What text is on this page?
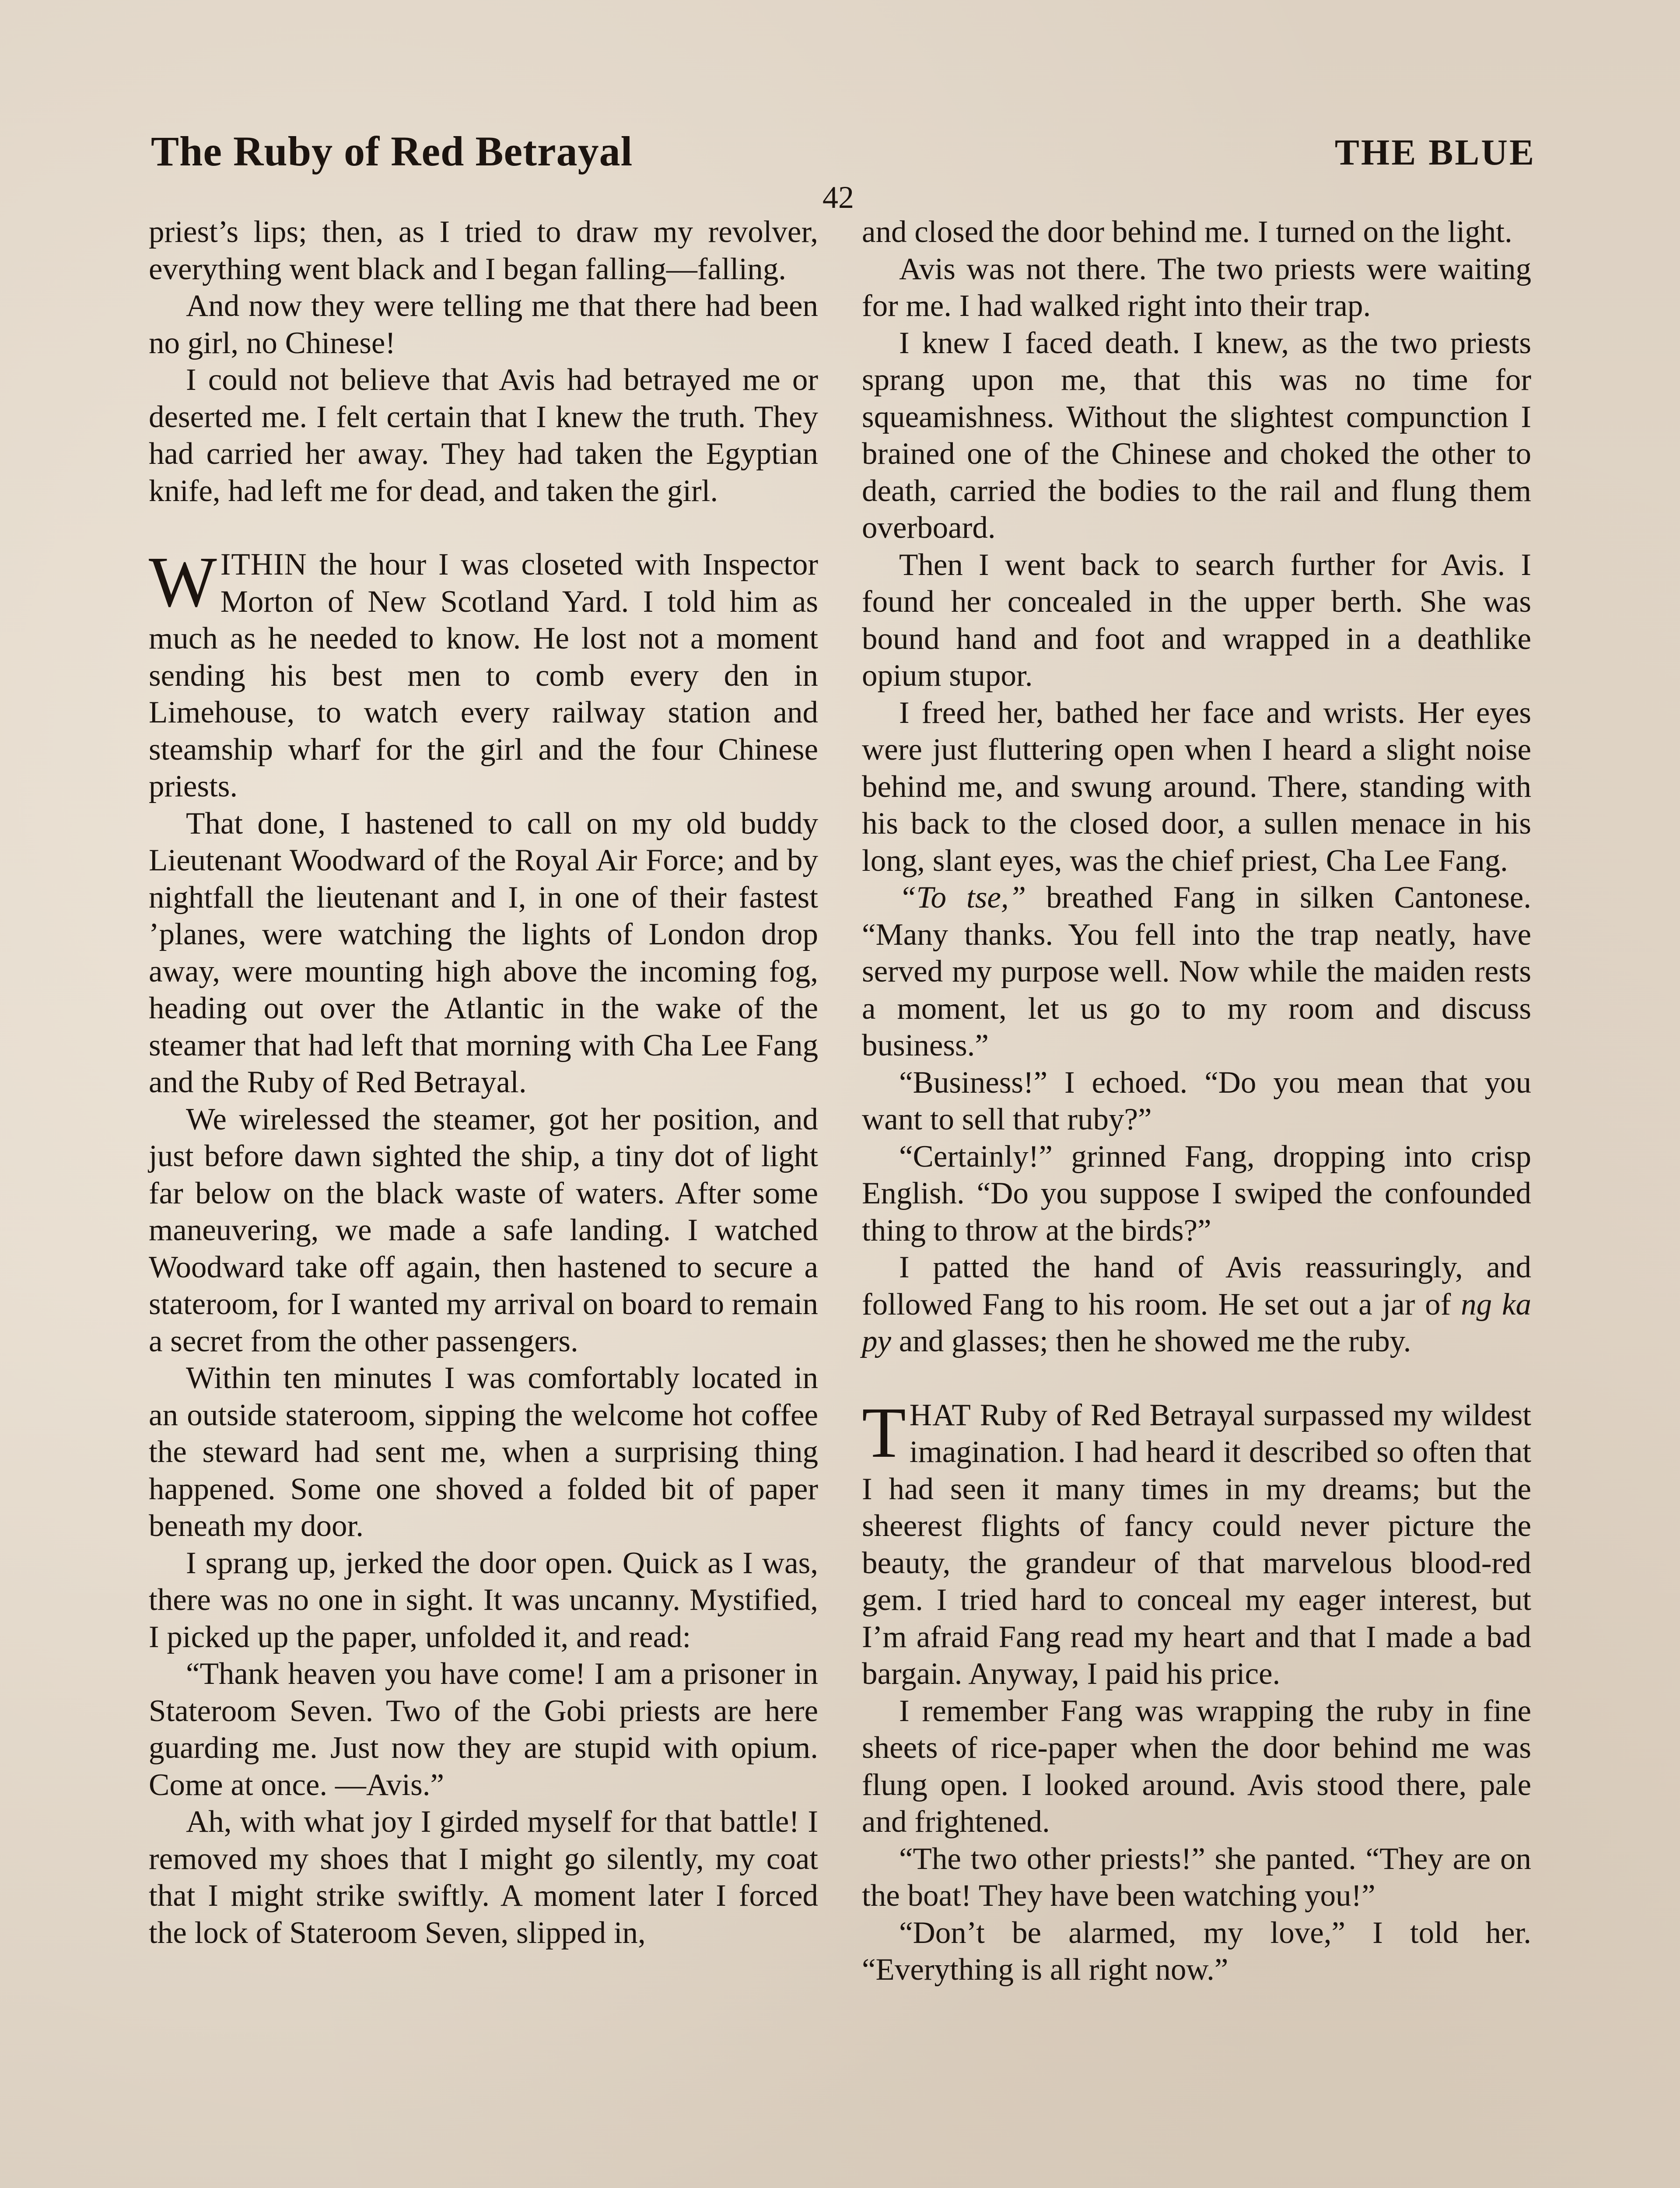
The Ruby of Red Betrayal	THE BLUE
42

priest’s lips; then, as I tried to draw my revolver, everything went black and I began falling—falling.

And now they were telling me that there had been no girl, no Chinese!

I could not believe that Avis had betrayed me or deserted me. I felt certain that I knew the truth. They had carried her away. They had taken the Egyptian knife, had left me for dead, and taken the girl.

WITHIN the hour I was closeted with Inspector Morton of New Scotland Yard. I told him as much as he needed to know. He lost not a moment sending his best men to comb every den in Limehouse, to watch every railway station and steamship wharf for the girl and the four Chinese priests.

That done, I hastened to call on my old buddy Lieutenant Woodward of the Royal Air Force; and by nightfall the lieutenant and I, in one of their fastest ’planes, were watching the lights of London drop away, were mounting high above the incoming fog, heading out over the Atlantic in the wake of the steamer that had left that morning with Cha Lee Fang and the Ruby of Red Betrayal.

We wirelessed the steamer, got her position, and just before dawn sighted the ship, a tiny dot of light far below on the black waste of waters. After some maneuvering, we made a safe landing. I watched Woodward take off again, then hastened to secure a stateroom, for I wanted my arrival on board to remain a secret from the other passengers.

Within ten minutes I was comfortably located in an outside stateroom, sipping the welcome hot coffee the steward had sent me, when a surprising thing happened. Some one shoved a folded bit of paper beneath my door.

I sprang up, jerked the door open. Quick as I was, there was no one in sight. It was uncanny. Mystified, I picked up the paper, unfolded it, and read:

“Thank heaven you have come! I am a prisoner in Stateroom Seven. Two of the Gobi priests are here guarding me. Just now they are stupid with opium. Come at once. —Avis.”

Ah, with what joy I girded myself for that battle! I removed my shoes that I might go silently, my coat that I might strike swiftly. A moment later I forced the lock of Stateroom Seven, slipped in,

and closed the door behind me. I turned on the light.

Avis was not there. The two priests were waiting for me. I had walked right into their trap.

I knew I faced death. I knew, as the two priests sprang upon me, that this was no time for squeamishness. Without the slightest compunction I brained one of the Chinese and choked the other to death, carried the bodies to the rail and flung them overboard.

Then I went back to search further for Avis. I found her concealed in the upper berth. She was bound hand and foot and wrapped in a deathlike opium stupor.

I freed her, bathed her face and wrists. Her eyes were just fluttering open when I heard a slight noise behind me, and swung around. There, standing with his back to the closed door, a sullen menace in his long, slant eyes, was the chief priest, Cha Lee Fang.

“To tse,” breathed Fang in silken Cantonese. “Many thanks. You fell into the trap neatly, have served my purpose well. Now while the maiden rests a moment, let us go to my room and discuss business.”

“Business!” I echoed. “Do you mean that you want to sell that ruby?”

“Certainly!” grinned Fang, dropping into crisp English. “Do you suppose I swiped the confounded thing to throw at the birds?”

I patted the hand of Avis reassuringly, and followed Fang to his room. He set out a jar of ng ka py and glasses; then he showed me the ruby.

THAT Ruby of Red Betrayal surpassed my wildest imagination. I had heard it described so often that I had seen it many times in my dreams; but the sheerest flights of fancy could never picture the beauty, the grandeur of that marvelous blood-red gem. I tried hard to conceal my eager interest, but I’m afraid Fang read my heart and that I made a bad bargain. Anyway, I paid his price.

I remember Fang was wrapping the ruby in fine sheets of rice-paper when the door behind me was flung open. I looked around. Avis stood there, pale and frightened.

“The two other priests!” she panted. “They are on the boat! They have been watching you!”

“Don’t be alarmed, my love,” I told her. “Everything is all right now.”
